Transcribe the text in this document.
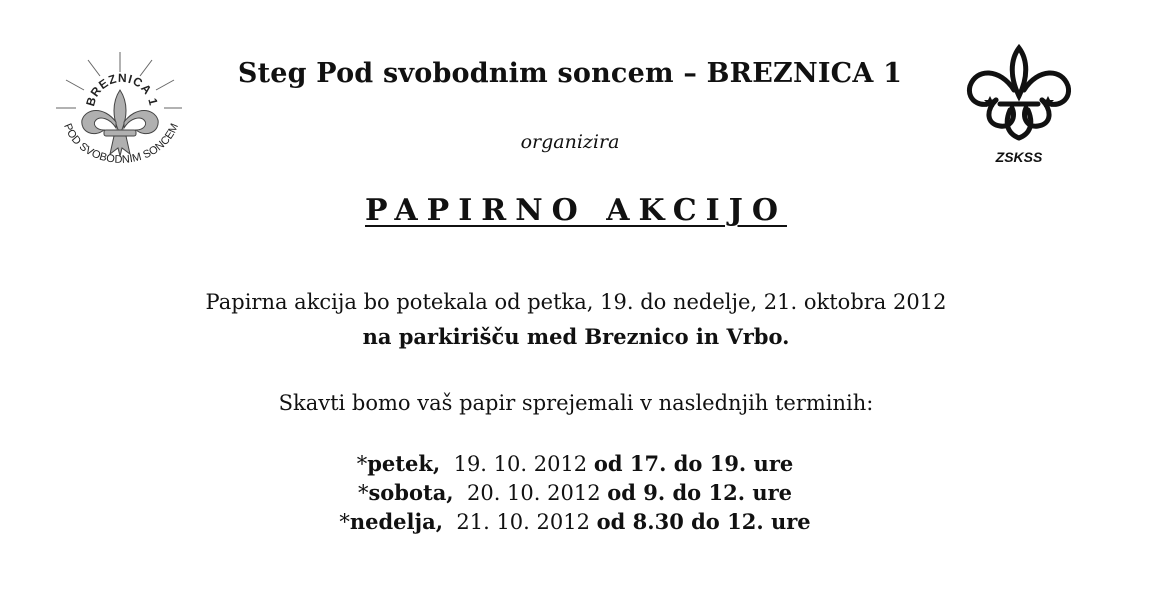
BREZNICA 1
POD SVOBODNIM SONCEM
ZSKSS
Steg Pod svobodnim soncem – BREZNICA 1
organizira
PAPIRNO AKCIJO
Papirna akcija bo potekala od petka, 19. do nedelje, 21. oktobra 2012
na parkirišču med Breznico in Vrbo.
Skavti bomo vaš papir sprejemali v naslednjih terminih:
*petek, 19. 10. 2012 od 17. do 19. ure
*sobota, 20. 10. 2012 od 9. do 12. ure
*nedelja, 21. 10. 2012 od 8.30 do 12. ure
